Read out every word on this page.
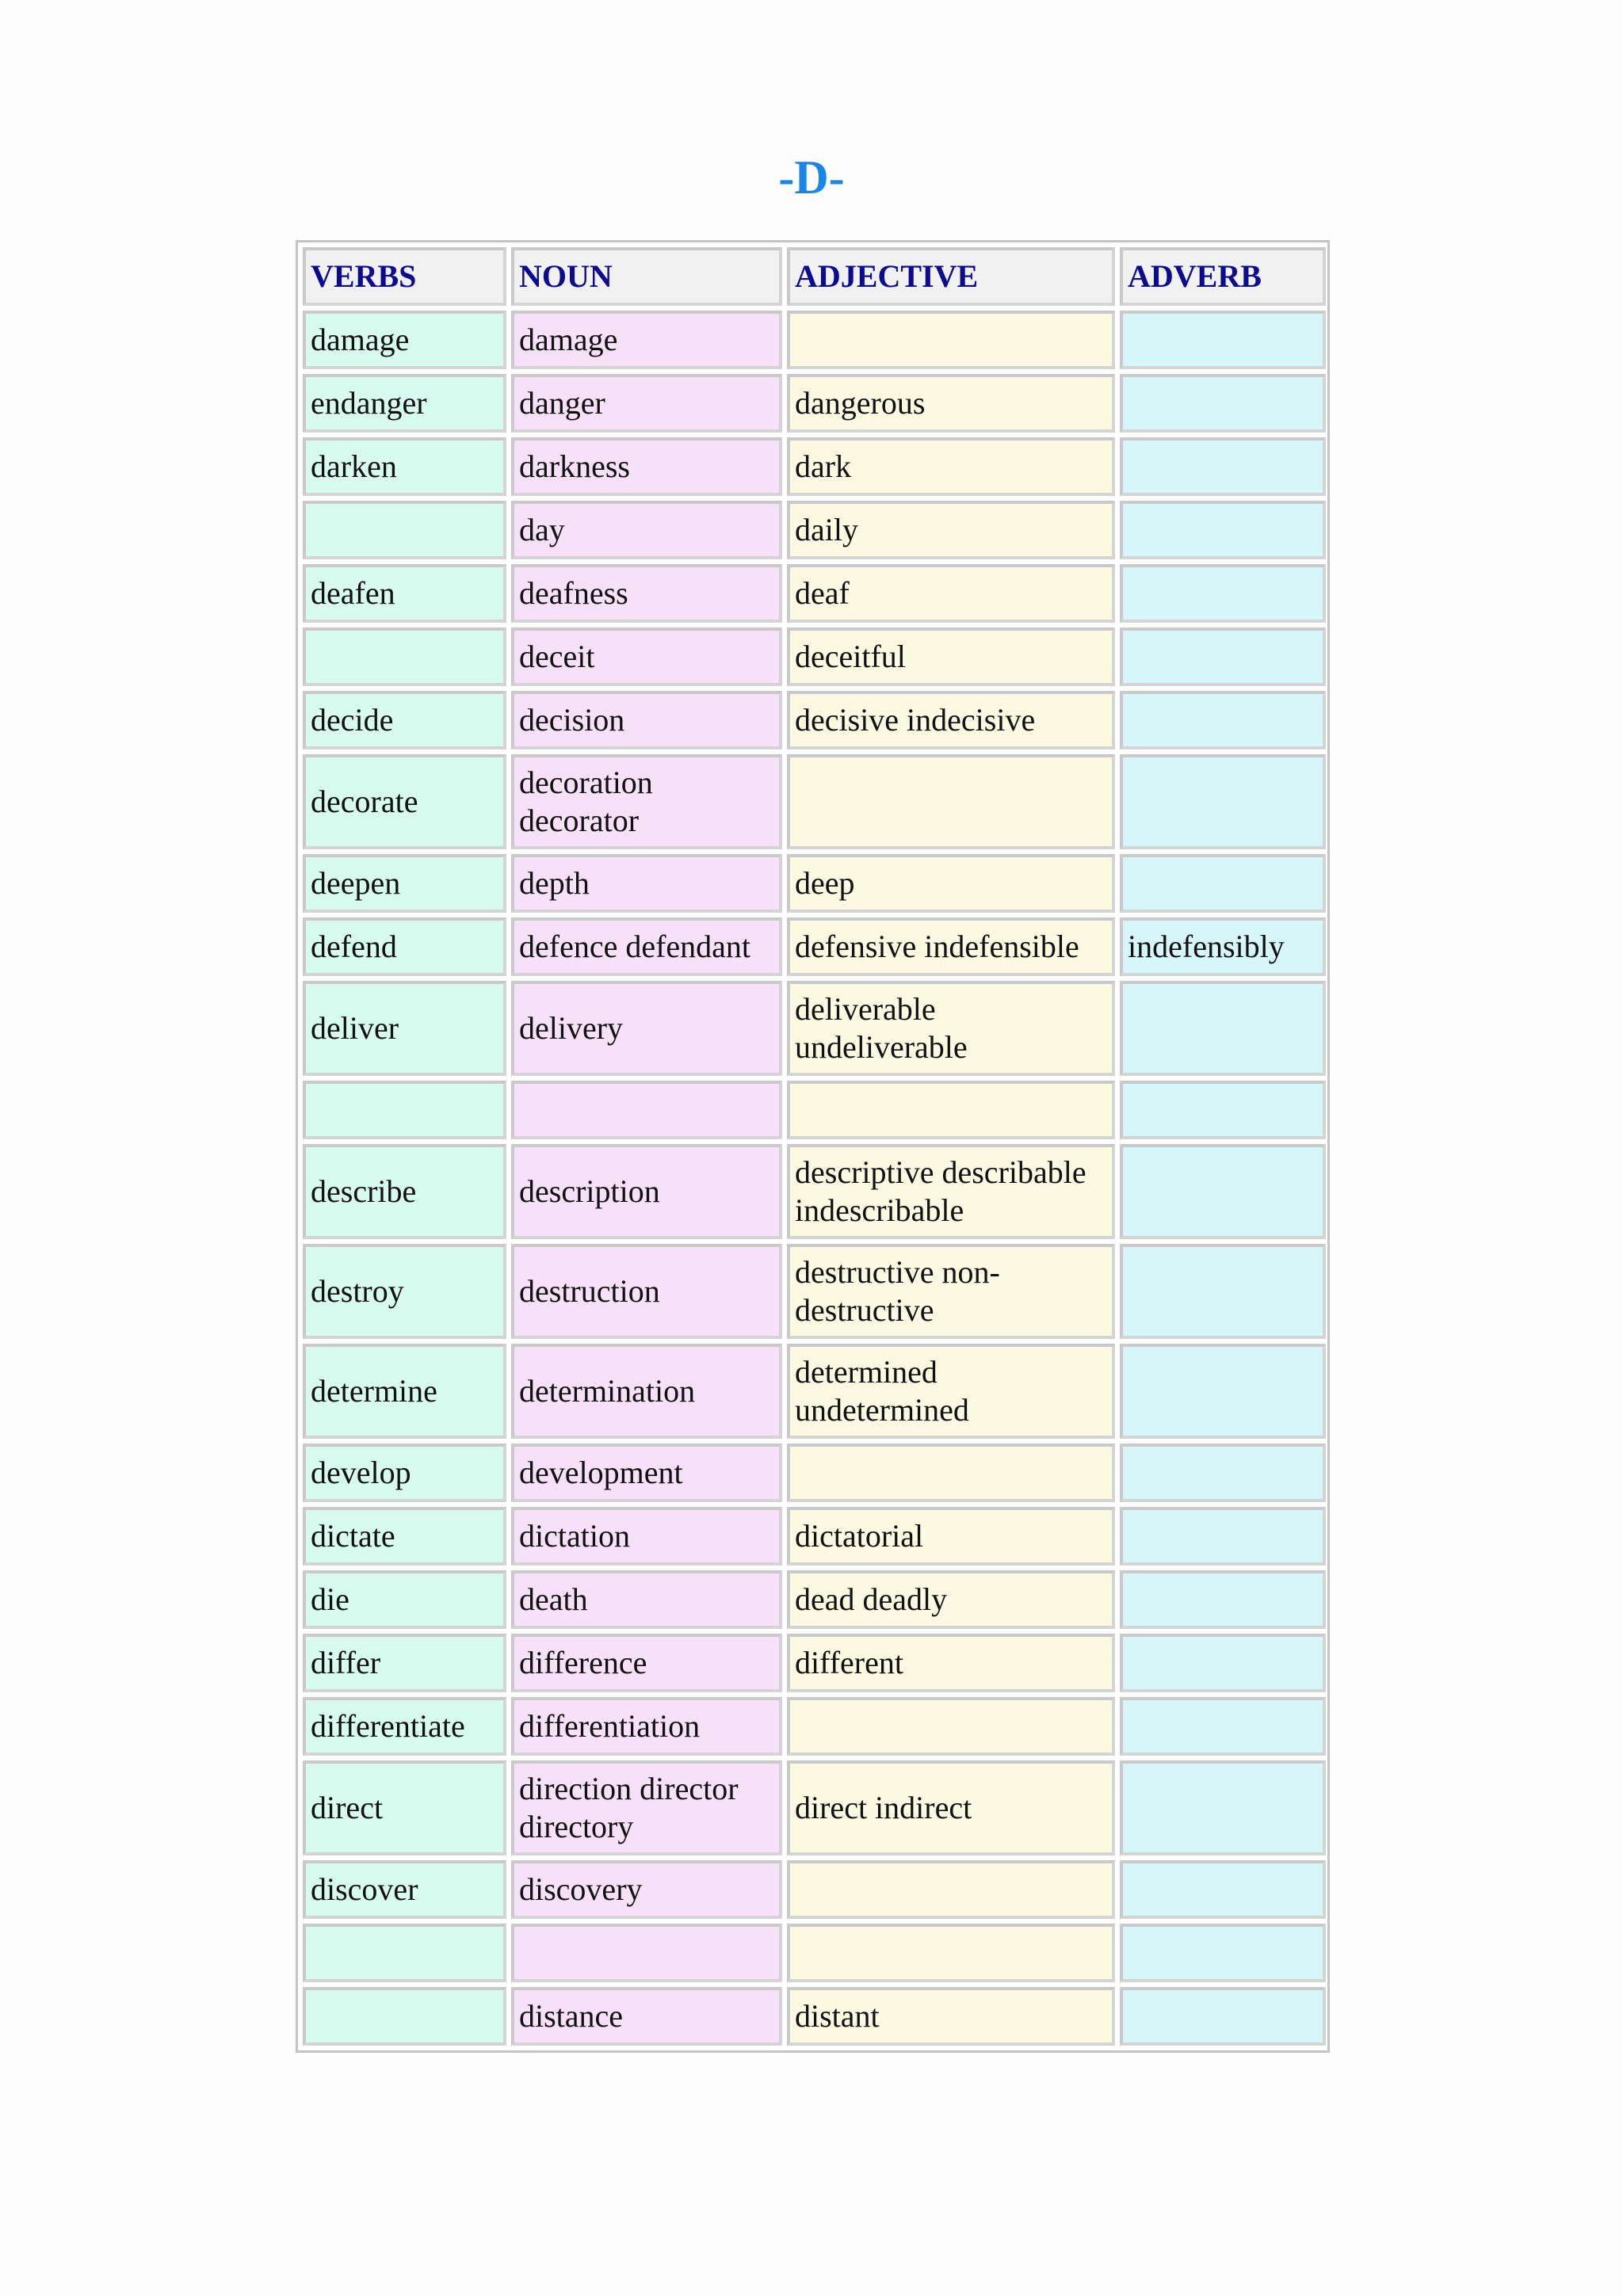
-D-
VERBS	NOUN	ADJECTIVE	ADVERB
damage	damage		
endanger	danger	dangerous	
darken	darkness	dark	
	day	daily	
deafen	deafness	deaf	
	deceit	deceitful	
decide	decision	decisive indecisive	
decorate	decoration decorator		
deepen	depth	deep	
defend	defence defendant	defensive indefensible	indefensibly
deliver	delivery	deliverable undeliverable	

describe	description	descriptive describable indescribable	
destroy	destruction	destructive non-destructive	
determine	determination	determined undetermined	
develop	development		
dictate	dictation	dictatorial	
die	death	dead deadly	
differ	difference	different	
differentiate	differentiation		
direct	direction director directory	direct indirect	
discover	discovery		

	distance	distant	
